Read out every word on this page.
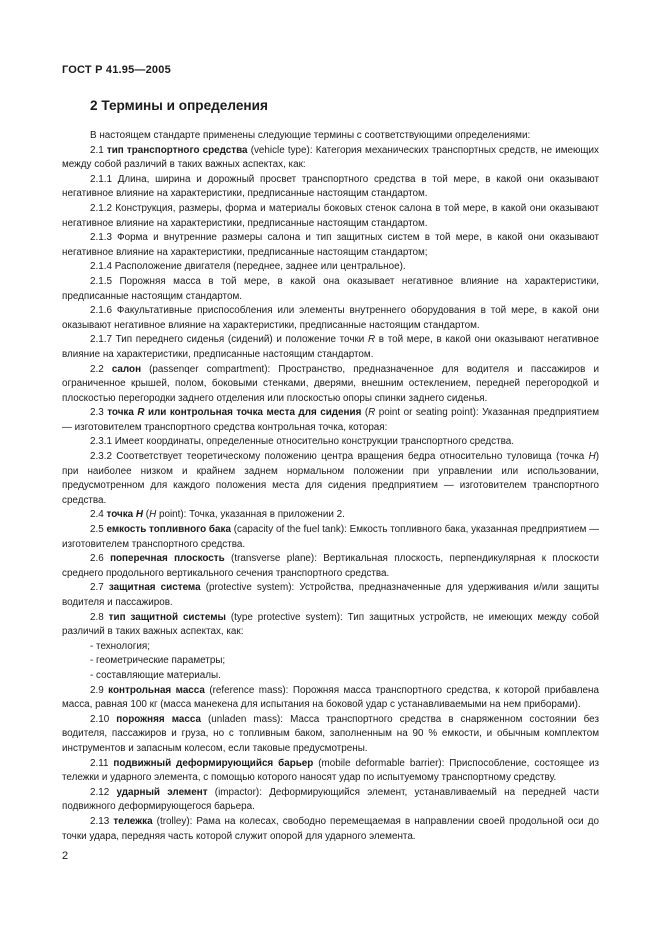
ГОСТ Р 41.95—2005
2 Термины и определения

В настоящем стандарте применены следующие термины с соответствующими определениями:

2.1 тип транспортного средства (vehicle type): Категория механических транспортных средств, не имеющих между собой различий в таких важных аспектах, как:

2.1.1 Длина, ширина и дорожный просвет транспортного средства в той мере, в какой они оказывают негативное влияние на характеристики, предписанные настоящим стандартом.

2.1.2 Конструкция, размеры, форма и материалы боковых стенок салона в той мере, в какой они оказывают негативное влияние на характеристики, предписанные настоящим стандартом.

2.1.3 Форма и внутренние размеры салона и тип защитных систем в той мере, в какой они оказывают негативное влияние на характеристики, предписанные настоящим стандартом;

2.1.4 Расположение двигателя (переднее, заднее или центральное).

2.1.5 Порожняя масса в той мере, в какой она оказывает негативное влияние на характеристики, предписанные настоящим стандартом.

2.1.6 Факультативные приспособления или элементы внутреннего оборудования в той мере, в какой они оказывают негативное влияние на характеристики, предписанные настоящим стандартом.

2.1.7 Тип переднего сиденья (сидений) и положение точки R в той мере, в какой они оказывают негативное влияние на характеристики, предписанные настоящим стандартом.

2.2 салон (passenqer compartment): Пространство, предназначенное для водителя и пассажиров и ограниченное крышей, полом, боковыми стенками, дверями, внешним остеклением, передней перегородкой и плоскостью перегородки заднего отделения или плоскостью опоры спинки заднего сиденья.

2.3 точка R или контрольная точка места для сидения (R point or seating point): Указанная предприятием — изготовителем транспортного средства контрольная точка, которая:

2.3.1 Имеет координаты, определенные относительно конструкции транспортного средства.

2.3.2 Соответствует теоретическому положению центра вращения бедра относительно туловища (точка H) при наиболее низком и крайнем заднем нормальном положении при управлении или использовании, предусмотренном для каждого положения места для сидения предприятием — изготовителем транспортного средства.

2.4 точка H (H point): Точка, указанная в приложении 2.

2.5 емкость топливного бака (capacity of the fuel tank): Емкость топливного бака, указанная предприятием — изготовителем транспортного средства.

2.6 поперечная плоскость (transverse plane): Вертикальная плоскость, перпендикулярная к плоскости среднего продольного вертикального сечения транспортного средства.

2.7 защитная система (protective system): Устройства, предназначенные для удерживания и/или защиты водителя и пассажиров.

2.8 тип защитной системы (type protective system): Тип защитных устройств, не имеющих между собой различий в таких важных аспектах, как:

- технология;

- геометрические параметры;

- составляющие материалы.

2.9 контрольная масса (reference mass): Порожняя масса транспортного средства, к которой прибавлена масса, равная 100 кг (масса манекена для испытания на боковой удар с устанавливаемыми на нем приборами).

2.10 порожняя масса (unladen mass): Масса транспортного средства в снаряженном состоянии без водителя, пассажиров и груза, но с топливным баком, заполненным на 90 % емкости, и обычным комплектом инструментов и запасным колесом, если таковые предусмотрены.

2.11 подвижный деформирующийся барьер (mobile deformable barrier): Приспособление, состоящее из тележки и ударного элемента, с помощью которого наносят удар по испытуемому транспортному средству.

2.12 ударный элемент (impactor): Деформирующийся элемент, устанавливаемый на передней части подвижного деформирующегося барьера.

2.13 тележка (trolley): Рама на колесах, свободно перемещаемая в направлении своей продольной оси до точки удара, передняя часть которой служит опорой для ударного элемента.

2
